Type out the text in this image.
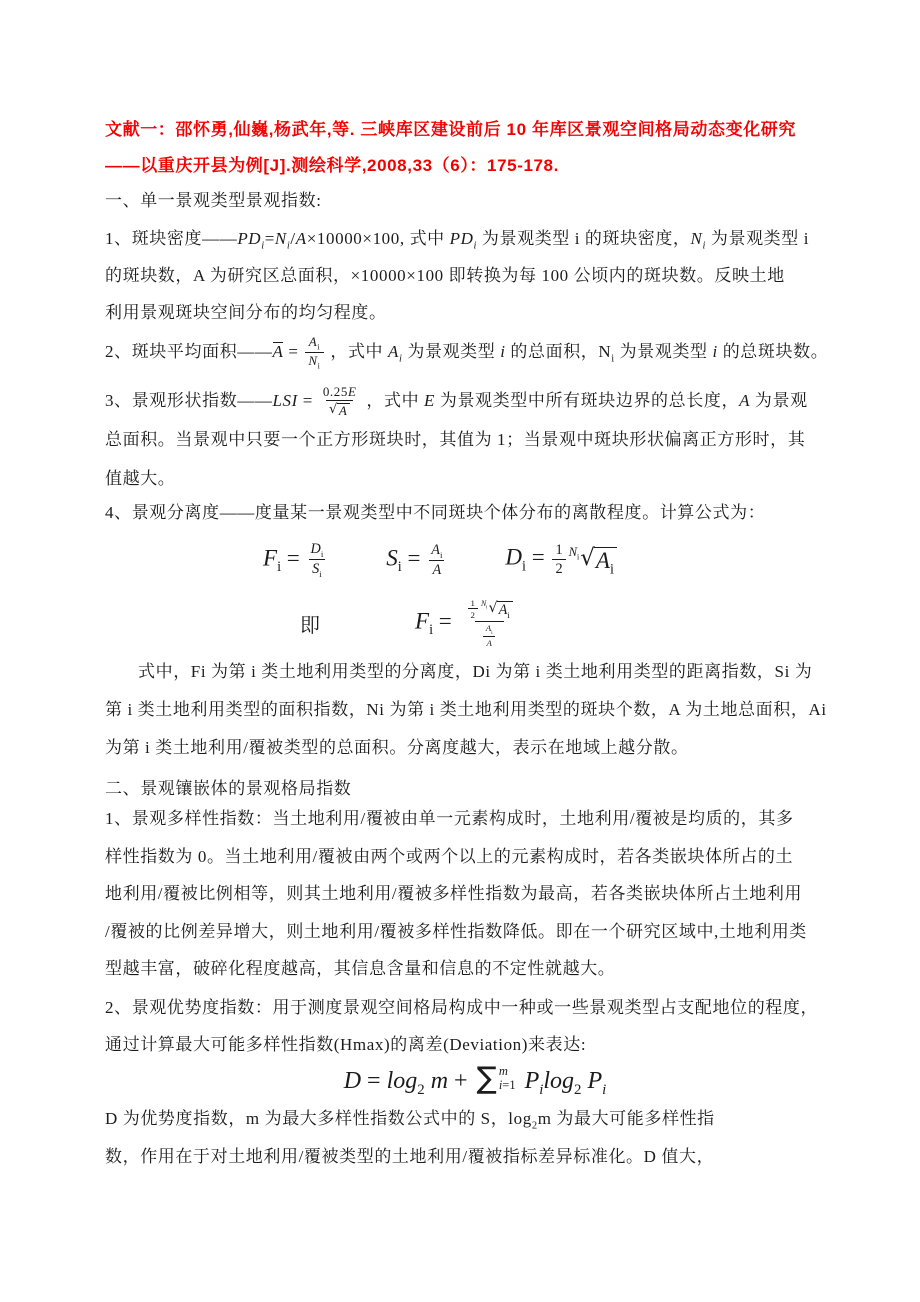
文献一：邵怀勇,仙巍,杨武年,等. 三峡库区建设前后 10 年库区景观空间格局动态变化研究
——以重庆开县为例[J].测绘科学,2008,33（6）：175-178.
一、单一景观类型景观指数:
1、斑块密度$——PD_i=N_i/A\times 10000\times 100$, 式中 $PD_i$ 为景观类型 i 的斑块密度，$N_i$ 为景观类型 i
的斑块数，A 为研究区总面积，×10000×100 即转换为每 100 公顷内的斑块数。反映土地
利用景观斑块空间分布的均匀程度。
2、斑块平均面积——A = $\frac{A_i}{N_i}$ ，式中 $A_i$ 为景观类型 i 的总面积，$N_i$ 为景观类型 i 的总斑块数。
3、景观形状指数——LSI = $\frac{0.25E}{√ A}$ ，式中 E 为景观类型中所有斑块边界的总长度，A 为景观
总面积。当景观中只要一个正方形斑块时，其值为 1；当景观中斑块形状偏离正方形时，其
值越大。
4、景观分离度——度量某一景观类型中不同斑块个体分布的离散程度。计算公式为：
$F_i = \frac{D_i}{S_i}$	$S_i = \frac{A_i}{A}$	$D_i = \frac{1}{2} ^{N_i}$ √ $A_i$
即	$F_i = \frac{1}{2} ^{N_i}$ √ $A_i$
$\frac{A_i}{A}$
式中，Fi 为第 i 类土地利用类型的分离度，Di 为第 i 类土地利用类型的距离指数，Si 为
第 i 类土地利用类型的面积指数，Ni 为第 i 类土地利用类型的斑块个数，A 为土地总面积，Ai
为第 i 类土地利用/覆被类型的总面积。分离度越大，表示在地域上越分散。
二、景观镶嵌体的景观格局指数
1、景观多样性指数：当土地利用/覆被由单一元素构成时，土地利用/覆被是均质的，其多
样性指数为 0。当土地利用/覆被由两个或两个以上的元素构成时，若各类嵌块体所占的土
地利用/覆被比例相等，则其土地利用/覆被多样性指数为最高，若各类嵌块体所占土地利用
/覆被的比例差异增大，则土地利用/覆被多样性指数降低。即在一个研究区域中,土地利用类
型越丰富，破碎化程度越高，其信息含量和信息的不定性就越大。
2、景观优势度指数：用于测度景观空间格局构成中一种或一些景观类型占支配地位的程度，
通过计算最大可能多样性指数(Hmax)的离差(Deviation)来表达:
$D = \log_2 m$ + ∑ m
i=1 $P_i\log_2$ $P_i$
D 为优势度指数，m 为最大多样性指数公式中的 S，$\log_2m$ 为最大可能多样性指
数，作用在于对土地利用/覆被类型的土地利用/覆被指标差异标准化。D 值大，
